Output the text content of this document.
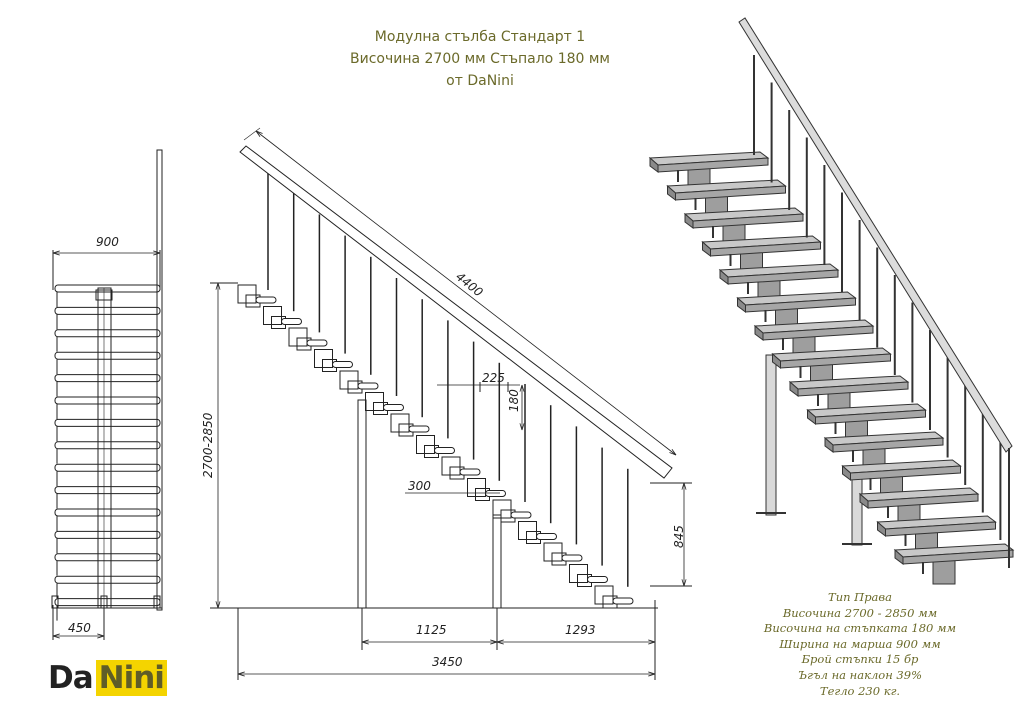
900
450
2700-2850
4400
225
180
300
845
1125	1293
3450
Модулна стълба Стандарт 1
Височина 2700 мм Стъпало 180 мм
от DaNini
Тип Права
Височина 2700 - 2850 мм
Височина на стъпката 180 мм
Ширина на марша 900 мм
Брой стъпки 15 бр
Ъгъл на наклон 39%
Тегло 230 кг.
Da Nini
